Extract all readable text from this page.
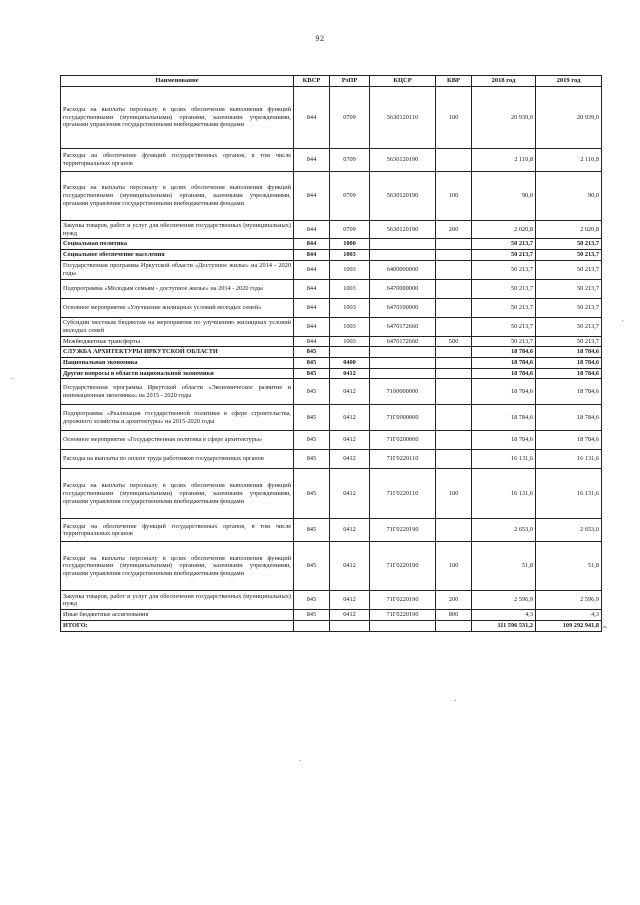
92
Наименование	КВСР	РзПР	КЦСР	КВР	2018 год	2019 год
Расходы на выплаты персоналу в целях обеспечения выполнения функций государственными (муниципальными) органами, казенными учреждениями, органами управления государственными внебюджетными фондами	844	0709	5630120110	100	20 939,0	20 939,0
Расходы на обеспечение функций государственных органов, в том числе территориальных органов	844	0709	5630120190		2 110,8	2 110,8
Расходы на выплаты персоналу в целях обеспечения выполнения функций государственными (муниципальными) органами, казенными учреждениями, органами управления государственными внебюджетными фондами	844	0709	5630120190	100	90,0	90,0
Закупка товаров, работ и услуг для обеспечения государственных (муниципальных) нужд	844	0709	5630120190	200	2 020,8	2 020,8
Социальная политика	844	1000			50 213,7	50 213,7
Социальное обеспечение населения	844	1003			50 213,7	50 213,7
Государственная программа Иркутской области «Доступное жилье» на 2014 - 2020 годы	844	1003	6400000000		50 213,7	50 213,7
Подпрограмма «Молодым семьям - доступное жилье» на 2014 - 2020 годы	844	1003	6470000000		50 213,7	50 213,7
Основное мероприятие «Улучшение жилищных условий молодых семей»	844	1003	6470100000		50 213,7	50 213,7
Субсидии местным бюджетам на мероприятия по улучшению жилищных условий молодых семей	844	1003	6470172660		50 213,7	50 213,7
Межбюджетные трансферты	844	1003	6470172660	500	50 213,7	50 213,7
СЛУЖБА АРХИТЕКТУРЫ ИРКУТСКОЙ ОБЛАСТИ	845				18 784,6	18 784,6
Национальная экономика	845	0400			18 784,6	18 784,6
Другие вопросы в области национальной экономики	845	0412			18 784,6	18 784,6
Государственная программа Иркутской области «Экономическое развитие и инновационная экономика» на 2015 - 2020 годы	845	0412	7100000000		18 784,6	18 784,6
Подпрограмма «Реализация государственной политики в сфере строительства, дорожного хозяйства и архитектуры» на 2015-2020 годы	845	0412	71Г0000000		18 784,6	18 784,6
Основное мероприятие «Государственная политика в сфере архитектуры»	845	0412	71Г0200000		18 784,6	18 784,6
Расходы на выплаты по оплате труда работников государственных органов	845	0412	71Г0220110		16 131,6	16 131,6
Расходы на выплаты персоналу в целях обеспечения выполнения функций государственными (муниципальными) органами, казенными учреждениями, органами управления государственными внебюджетными фондами	845	0412	71Г0220110	100	16 131,6	16 131,6
Расходы на обеспечение функций государственных органов, в том числе территориальных органов	845	0412	71Г0220190		2 653,0	2 653,0
Расходы на выплаты персоналу в целях обеспечения выполнения функций государственными (муниципальными) органами, казенными учреждениями, органами управления государственными внебюджетными фондами	845	0412	71Г0220190	100	51,8	51,8
Закупка товаров, работ и услуг для обеспечения государственных (муниципальных) нужд	845	0412	71Г0220190	200	2 596,9	2 596,9
Иные бюджетные ассигнования	845	0412	71Г0220190	800	4,3	4,3
ИТОГО:					111 596 531,2	109 292 941,8 ».
